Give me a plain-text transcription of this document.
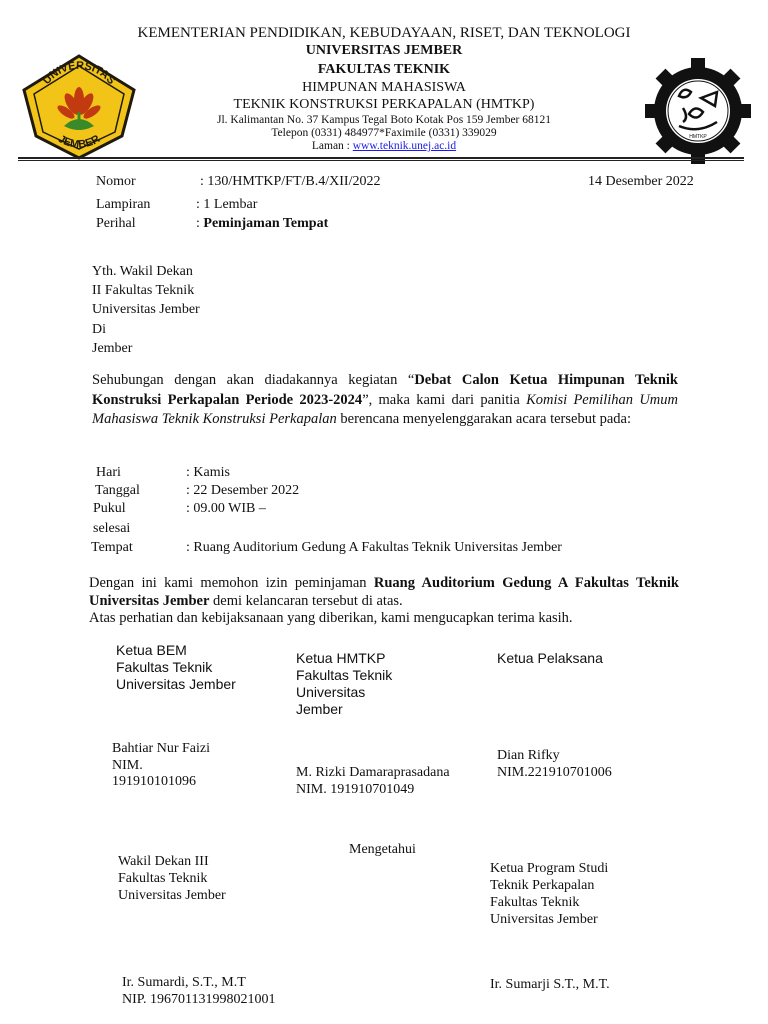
KEMENTERIAN PENDIDIKAN, KEBUDAYAAN, RISET, DAN TEKNOLOGI
UNIVERSITAS JEMBER
FAKULTAS TEKNIK
HIMPUNAN MAHASISWA
TEKNIK KONSTRUKSI PERKAPALAN (HMTKP)
Jl. Kalimantan No. 37 Kampus Tegal Boto Kotak Pos 159 Jember 68121
Telepon (0331) 484977*Faximile (0331) 339029
Laman : www.teknik.unej.ac.id
UNIVERSITAS
JEMBER	HMTKP
Nomor	: 130/HMTKP/FT/B.4/XII/2022	14 Desember 2022
Lampiran	: 1 Lembar
Perihal	: Peminjaman Tempat
Yth. Wakil Dekan
II Fakultas Teknik
Universitas Jember
Di
Jember
Sehubungan dengan akan diadakannya kegiatan “Debat Calon Ketua Himpunan Teknik Konstruksi Perkapalan Periode 2023-2024”, maka kami dari panitia Komisi Pemilihan Umum Mahasiswa Teknik Konstruksi Perkapalan berencana menyelenggarakan acara tersebut pada:
Hari	: Kamis
Tanggal	: 22 Desember 2022
Pukul	: 09.00 WIB –
selesai
Tempat	: Ruang Auditorium Gedung A Fakultas Teknik Universitas Jember
Dengan ini kami memohon izin peminjaman Ruang Auditorium Gedung A Fakultas Teknik Universitas Jember demi kelancaran tersebut di atas.
Atas perhatian dan kebijaksanaan yang diberikan, kami mengucapkan terima kasih.
Ketua BEM
Fakultas Teknik
Universitas Jember
Bahtiar Nur Faizi
NIM.
191910101096
Ketua HMTKP
Fakultas Teknik
Universitas
Jember
M. Rizki Damaraprasadana
NIM. 191910701049
Ketua Pelaksana
Dian Rifky
NIM.221910701006
Mengetahui
Wakil Dekan III
Fakultas Teknik
Universitas Jember
Ir. Sumardi, S.T., M.T
NIP. 196701131998021001
Ketua Program Studi
Teknik Perkapalan
Fakultas Teknik
Universitas Jember
Ir. Sumarji S.T., M.T.
